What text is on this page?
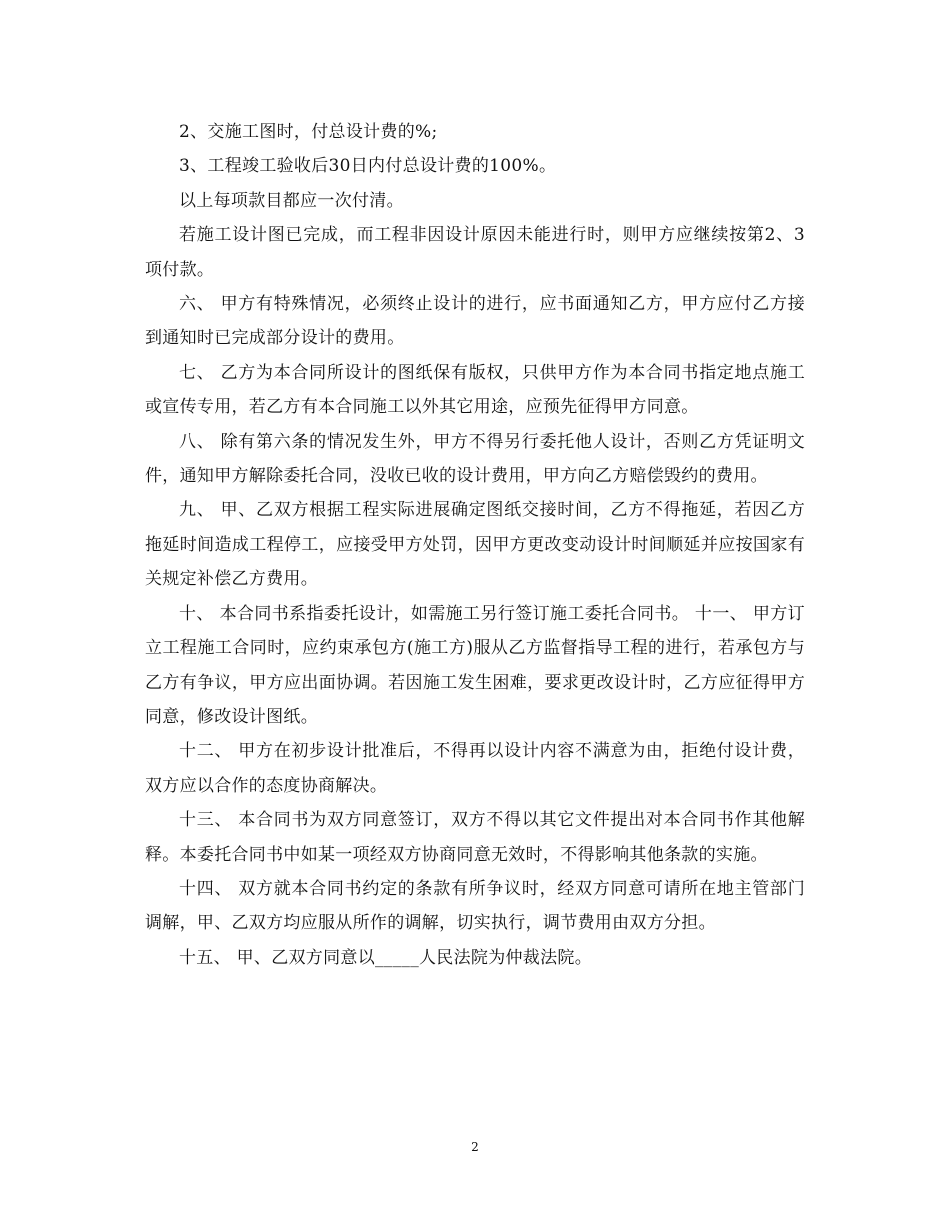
2、交施工图时，付总设计费的%;

3、工程竣工验收后30日内付总设计费的100%。

以上每项款目都应一次付清。

若施工设计图已完成，而工程非因设计原因未能进行时，则甲方应继续按第2、3项付款。

六、 甲方有特殊情况，必须终止设计的进行，应书面通知乙方，甲方应付乙方接到通知时已完成部分设计的费用。

七、 乙方为本合同所设计的图纸保有版权，只供甲方作为本合同书指定地点施工或宣传专用，若乙方有本合同施工以外其它用途，应预先征得甲方同意。

八、 除有第六条的情况发生外，甲方不得另行委托他人设计，否则乙方凭证明文件，通知甲方解除委托合同，没收已收的设计费用，甲方向乙方赔偿毁约的费用。

九、 甲、乙双方根据工程实际进展确定图纸交接时间，乙方不得拖延，若因乙方拖延时间造成工程停工，应接受甲方处罚，因甲方更改变动设计时间顺延并应按国家有关规定补偿乙方费用。

十、 本合同书系指委托设计，如需施工另行签订施工委托合同书。 十一、 甲方订立工程施工合同时，应约束承包方(施工方)服从乙方监督指导工程的进行，若承包方与乙方有争议，甲方应出面协调。若因施工发生困难，要求更改设计时，乙方应征得甲方同意，修改设计图纸。

十二、 甲方在初步设计批准后，不得再以设计内容不满意为由，拒绝付设计费，双方应以合作的态度协商解决。

十三、 本合同书为双方同意签订，双方不得以其它文件提出对本合同书作其他解释。本委托合同书中如某一项经双方协商同意无效时，不得影响其他条款的实施。

十四、 双方就本合同书约定的条款有所争议时，经双方同意可请所在地主管部门调解，甲、乙双方均应服从所作的调解，切实执行，调节费用由双方分担。

十五、 甲、乙双方同意以_____人民法院为仲裁法院。

2
